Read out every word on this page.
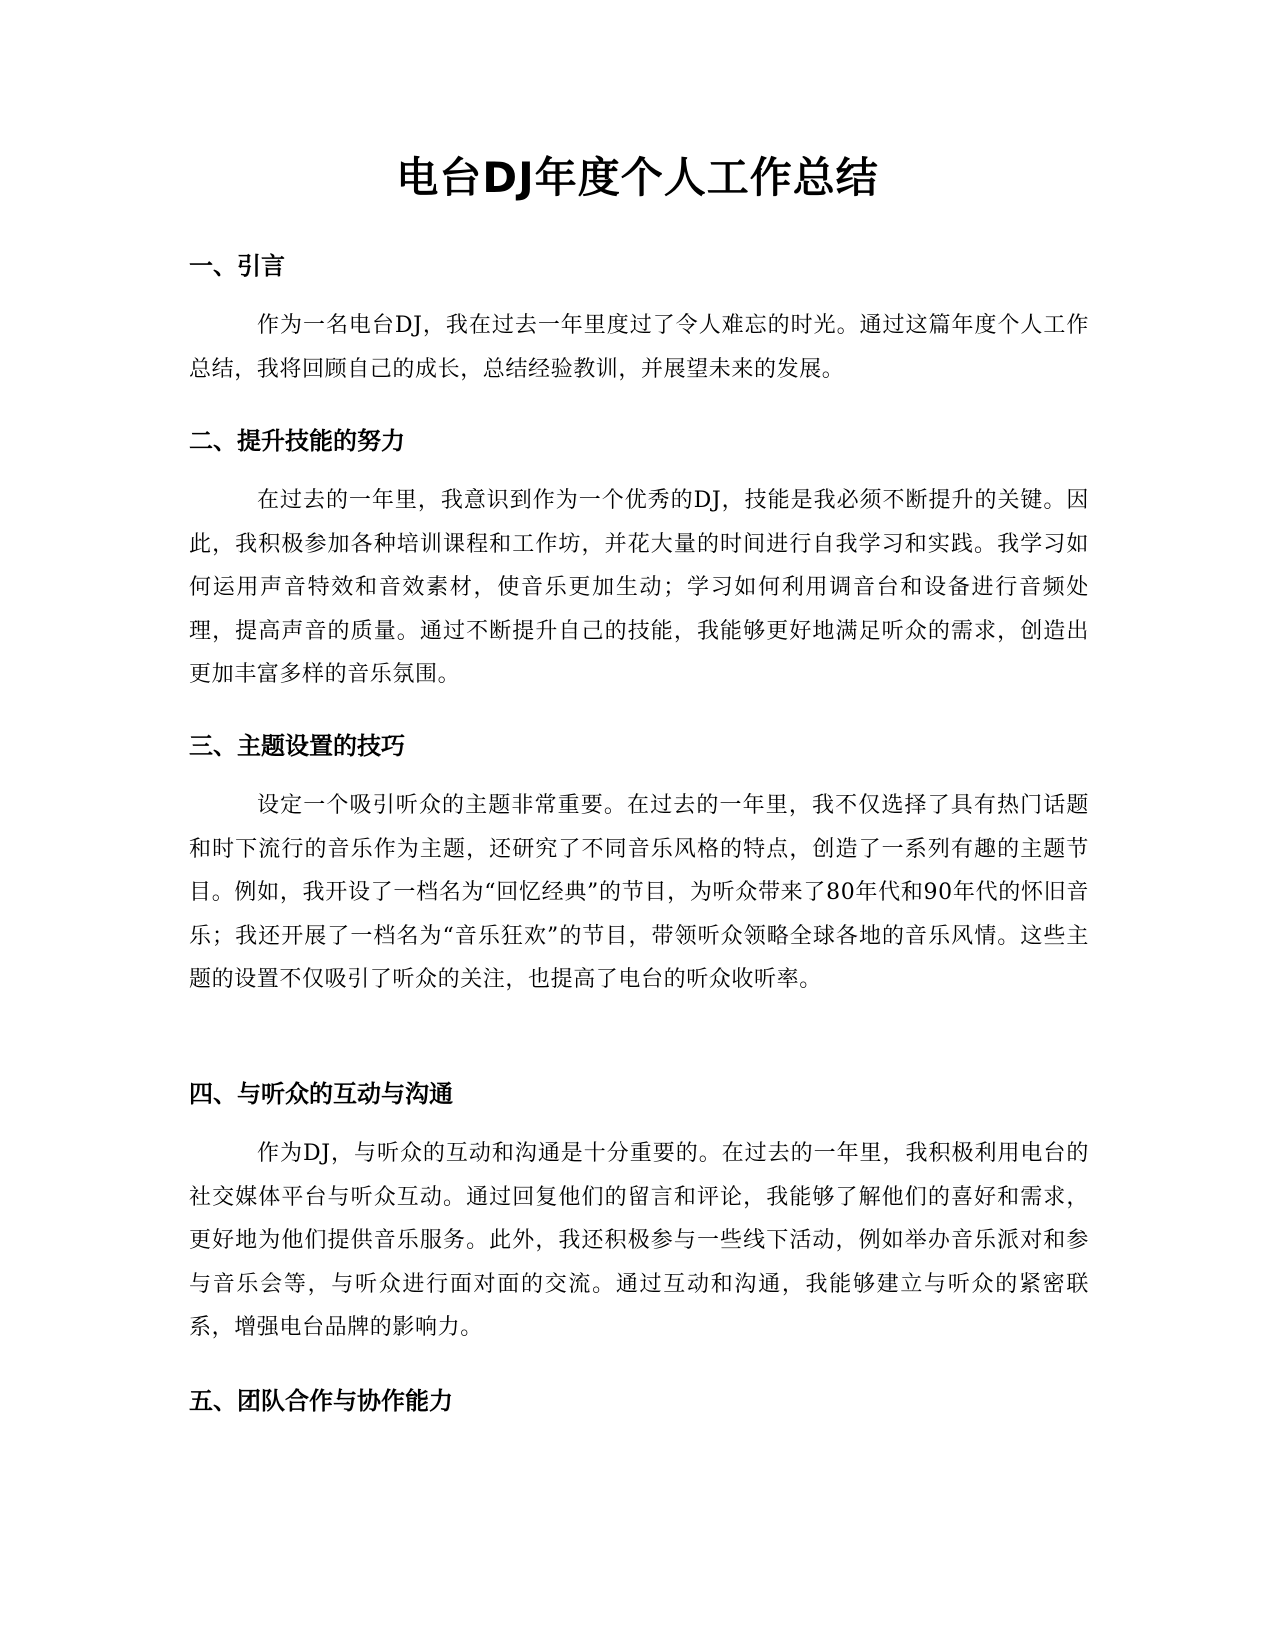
电台DJ年度个人工作总结
一、引言

作为一名电台DJ，我在过去一年里度过了令人难忘的时光。通过这篇年度个人工作总结，我将回顾自己的成长，总结经验教训，并展望未来的发展。

二、提升技能的努力

在过去的一年里，我意识到作为一个优秀的DJ，技能是我必须不断提升的关键。因此，我积极参加各种培训课程和工作坊，并花大量的时间进行自我学习和实践。我学习如何运用声音特效和音效素材，使音乐更加生动；学习如何利用调音台和设备进行音频处理，提高声音的质量。通过不断提升自己的技能，我能够更好地满足听众的需求，创造出更加丰富多样的音乐氛围。

三、主题设置的技巧

设定一个吸引听众的主题非常重要。在过去的一年里，我不仅选择了具有热门话题和时下流行的音乐作为主题，还研究了不同音乐风格的特点，创造了一系列有趣的主题节目。例如，我开设了一档名为“回忆经典”的节目，为听众带来了80年代和90年代的怀旧音乐；我还开展了一档名为“音乐狂欢”的节目，带领听众领略全球各地的音乐风情。这些主题的设置不仅吸引了听众的关注，也提高了电台的听众收听率。

四、与听众的互动与沟通

作为DJ，与听众的互动和沟通是十分重要的。在过去的一年里，我积极利用电台的社交媒体平台与听众互动。通过回复他们的留言和评论，我能够了解他们的喜好和需求，更好地为他们提供音乐服务。此外，我还积极参与一些线下活动，例如举办音乐派对和参与音乐会等，与听众进行面对面的交流。通过互动和沟通，我能够建立与听众的紧密联系，增强电台品牌的影响力。

五、团队合作与协作能力
